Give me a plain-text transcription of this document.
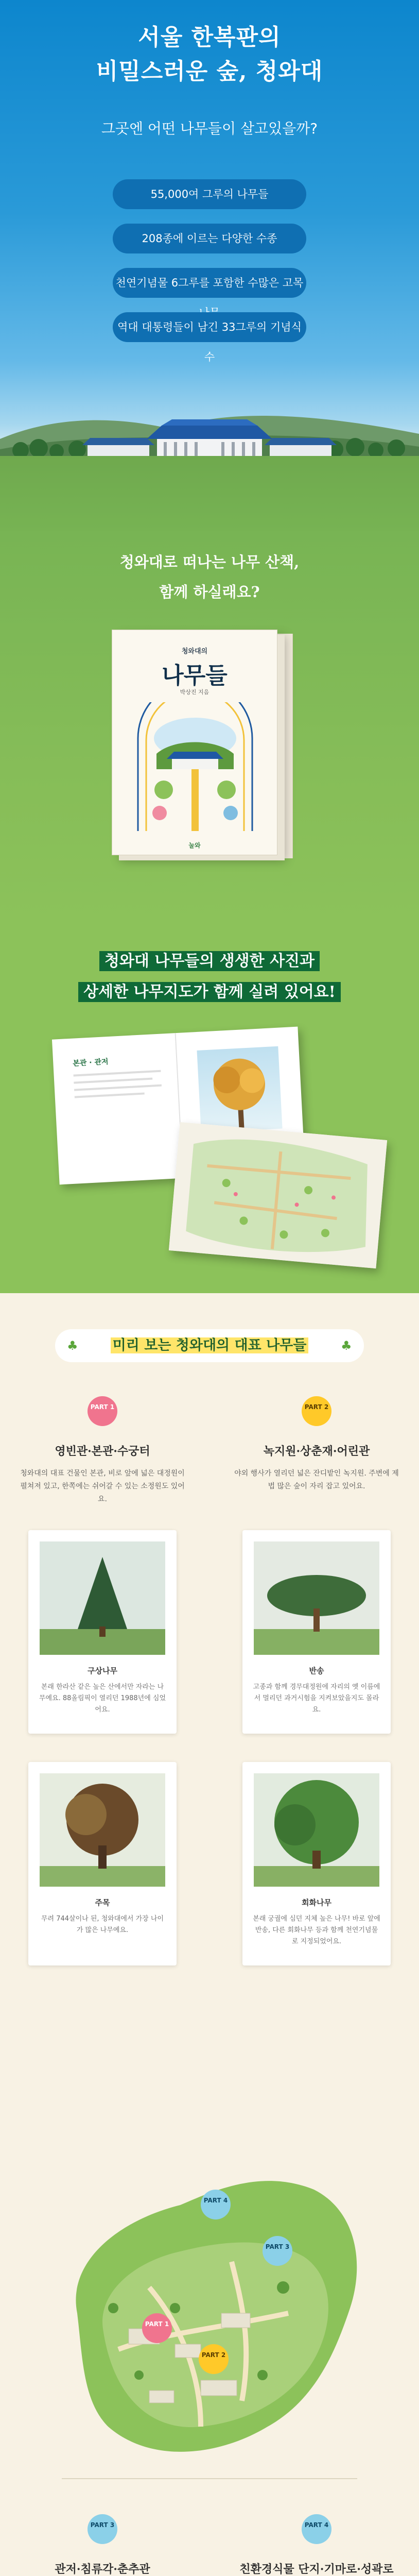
서울 한복판의
비밀스러운 숲, 청와대
그곳엔 어떤 나무들이 살고있을까?
55,000여 그루의 나무들
208종에 이르는 다양한 수종
천연기념물 6그루를 포함한 수많은 고목
역대 대통령들이 남긴 33그루의 기념식수
청와대로 떠나는 나무 산책,
함께 하실래요?
청와대의
나무들
박상진 지음
눌와
청와대 나무들의 생생한 사진과
상세한 나무지도가 함께 실려 있어요!
본관 · 관저
미리 보는 청와대의 대표 나무들
♣	♣
PART 1	PART 2
영빈관·본관·수궁터	녹지원·상춘재·어린관
청와대의 대표 건물인 본관, 비로 앞에 넓은 대정원이 펼쳐져 있고, 한쪽에는 쉬어갈 수 있는 소정원도 있어요.
야외 행사가 열리던 넓은 잔디밭인 녹지원. 주변에 제법 많은 숲이 자리 잡고 있어요.
구상나무
본래 한라산 같은 높은 산에서만 자라는 나무예요. 88올림픽이 열리던 1988년에 심었어요.
반송
고종과 함께 경무대정원에 자리의 옛 이름에서 멀리던 과거시험을 지켜보았을지도 몰라요.
주목
무려 744살이나 된, 청와대에서 가장 나이가 많은 나무예요.
회화나무
본래 궁궐에 심던 지체 높은 나무! 바로 앞에 반송, 다른 회화나무 등과 함께 천연기념물로 지정되었어요.
PART 1
PART 2
PART 3
PART 4
PART 3	PART 4
관저·침류각·춘추관	친환경식물 단지·기마로·성곽로
